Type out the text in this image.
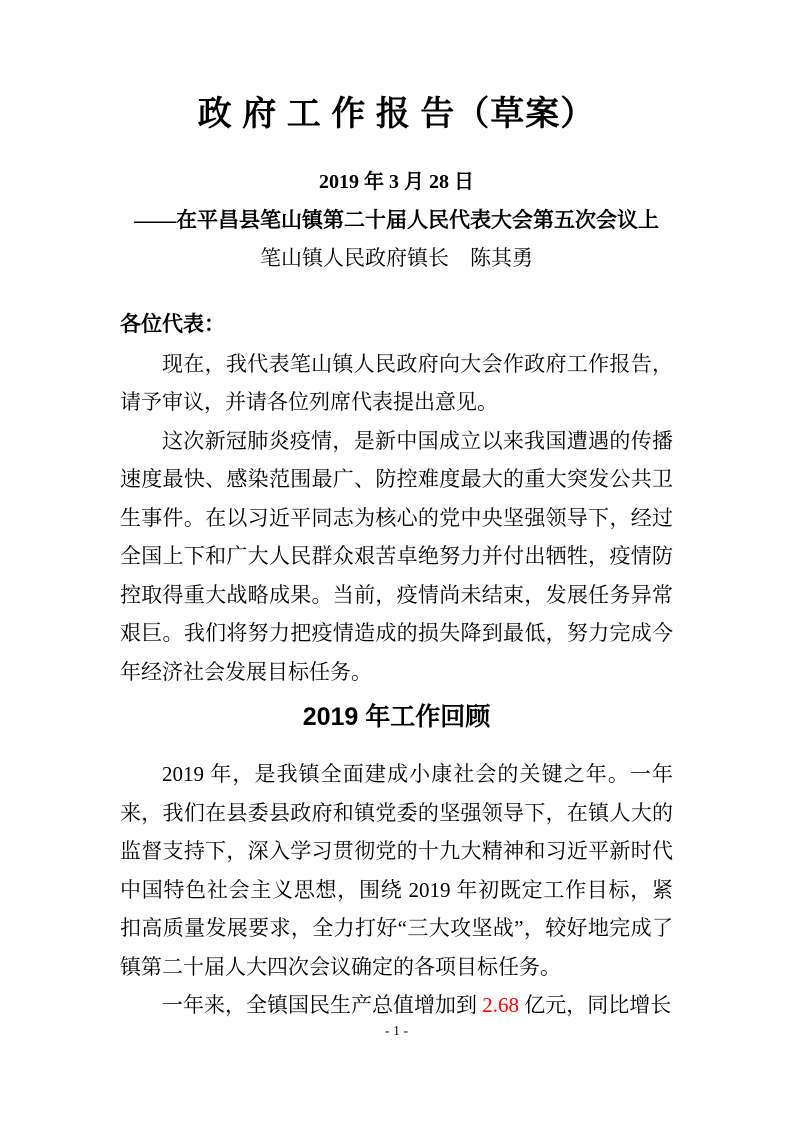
政 府 工 作 报 告（草案）

2019 年 3 月 28 日

——在平昌县笔山镇第二十届人民代表大会第五次会议上

笔山镇人民政府镇长　陈其勇

各位代表：

现在，我代表笔山镇人民政府向大会作政府工作报告，请予审议，并请各位列席代表提出意见。

这次新冠肺炎疫情，是新中国成立以来我国遭遇的传播速度最快、感染范围最广、防控难度最大的重大突发公共卫生事件。在以习近平同志为核心的党中央坚强领导下，经过全国上下和广大人民群众艰苦卓绝努力并付出牺牲，疫情防控取得重大战略成果。当前，疫情尚未结束，发展任务异常艰巨。我们将努力把疫情造成的损失降到最低，努力完成今年经济社会发展目标任务。

2019 年工作回顾

2019 年，是我镇全面建成小康社会的关键之年。一年来，我们在县委县政府和镇党委的坚强领导下，在镇人大的监督支持下，深入学习贯彻党的十九大精神和习近平新时代中国特色社会主义思想，围绕 2019 年初既定工作目标，紧扣高质量发展要求，全力打好“三大攻坚战”，较好地完成了镇第二十届人大四次会议确定的各项目标任务。

一年来，全镇国民生产总值增加到 2.68 亿元，同比增长

- 1 -
